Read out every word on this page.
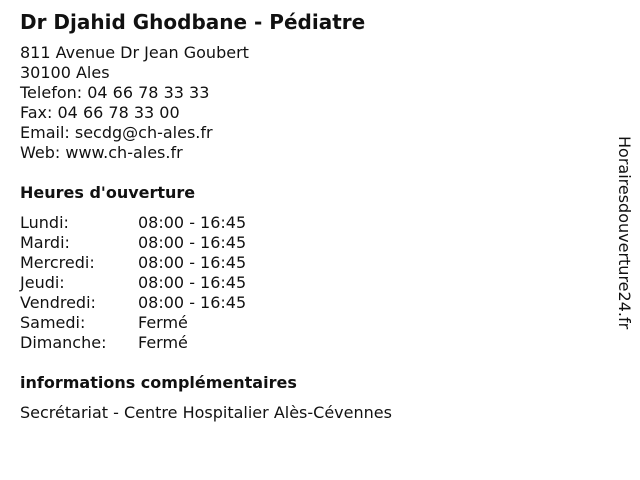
Dr Djahid Ghodbane - Pédiatre
811 Avenue Dr Jean Goubert
30100 Ales
Telefon: 04 66 78 33 33
Fax: 04 66 78 33 00
Email: secdg@ch-ales.fr
Web: www.ch-ales.fr
Heures d'ouverture
Lundi:	08:00 - 16:45
Mardi:	08:00 - 16:45
Mercredi:	08:00 - 16:45
Jeudi:	08:00 - 16:45
Vendredi:	08:00 - 16:45
Samedi:	Fermé
Dimanche:	Fermé
informations complémentaires
Secrétariat - Centre Hospitalier Alès-Cévennes
Horairesdouverture24.fr
